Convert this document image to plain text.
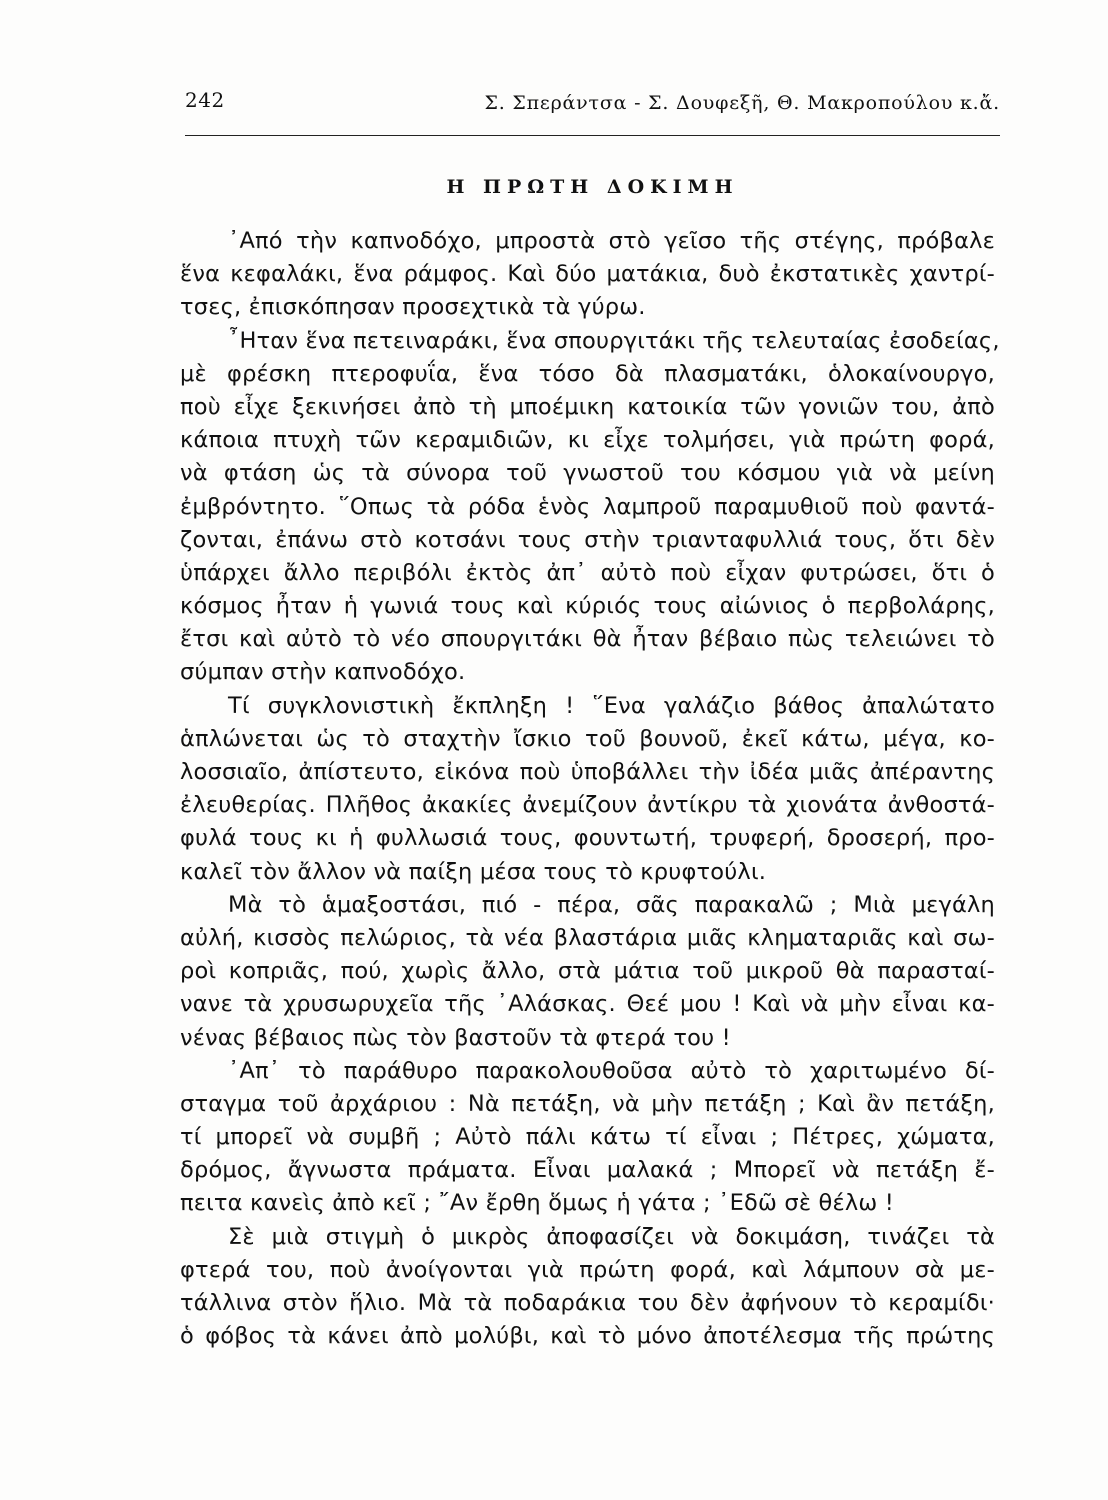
242	Σ. Σπεράντσα - Σ. Δουφεξῆ, Θ. Μακροπούλου κ.ἄ.
Η ΠΡΩΤΗ ΔΟΚΙΜΗ
᾽Από τὴν καπνοδόχο, μπροστὰ στὸ γεῖσο τῆς στέγης, πρόβαλε
ἕνα κεφαλάκι, ἕνα ράμφος. Καὶ δύο ματάκια, δυὸ ἐκστατικὲς χαντρί-
τσες, ἐπισκόπησαν προσεχτικὰ τὰ γύρω.
῏Ηταν ἕνα πετειναράκι, ἕνα σπουργιτάκι τῆς τελευταίας ἐσοδείας,
μὲ φρέσκη πτεροφυΐα, ἕνα τόσο δὰ πλασματάκι, ὁλοκαίνουργο,
ποὺ εἶχε ξεκινήσει ἀπὸ τὴ μποέμικη κατοικία τῶν γονιῶν του, ἀπὸ
κάποια πτυχὴ τῶν κεραμιδιῶν, κι εἶχε τολμήσει, γιὰ πρώτη φορά,
νὰ φτάση ὡς τὰ σύνορα τοῦ γνωστοῦ του κόσμου γιὰ νὰ μείνη
ἐμβρόντητο. ῞Οπως τὰ ρόδα ἑνὸς λαμπροῦ παραμυθιοῦ ποὺ φαντά-
ζονται, ἐπάνω στὸ κοτσάνι τους στὴν τριανταφυλλιά τους, ὅτι δὲν
ὑπάρχει ἄλλο περιβόλι ἐκτὸς ἀπ᾽ αὐτὸ ποὺ εἶχαν φυτρώσει, ὅτι ὁ
κόσμος ἦταν ἡ γωνιά τους καὶ κύριός τους αἰώνιος ὁ περβολάρης,
ἔτσι καὶ αὐτὸ τὸ νέο σπουργιτάκι θὰ ἦταν βέβαιο πὼς τελειώνει τὸ
σύμπαν στὴν καπνοδόχο.
Τί συγκλονιστικὴ ἔκπληξη ! ῞Ενα γαλάζιο βάθος ἀπαλώτατο
ἁπλώνεται ὡς τὸ σταχτὴν ἴσκιο τοῦ βουνοῦ, ἐκεῖ κάτω, μέγα, κο-
λοσσιαῖο, ἀπίστευτο, εἰκόνα ποὺ ὑποβάλλει τὴν ἰδέα μιᾶς ἀπέραντης
ἐλευθερίας. Πλῆθος ἀκακίες ἀνεμίζουν ἀντίκρυ τὰ χιονάτα ἀνθοστά-
φυλά τους κι ἡ φυλλωσιά τους, φουντωτή, τρυφερή, δροσερή, προ-
καλεῖ τὸν ἄλλον νὰ παίξη μέσα τους τὸ κρυφτούλι.
Μὰ τὸ ἁμαξοστάσι, πιό - πέρα, σᾶς παρακαλῶ ; Μιὰ μεγάλη
αὐλή, κισσὸς πελώριος, τὰ νέα βλαστάρια μιᾶς κληματαριᾶς καὶ σω-
ροὶ κοπριᾶς, πού, χωρὶς ἄλλο, στὰ μάτια τοῦ μικροῦ θὰ παρασταί-
νανε τὰ χρυσωρυχεῖα τῆς ᾽Αλάσκας. Θεέ μου ! Καὶ νὰ μὴν εἶναι κα-
νένας βέβαιος πὼς τὸν βαστοῦν τὰ φτερά του !
᾽Απ᾽ τὸ παράθυρο παρακολουθοῦσα αὐτὸ τὸ χαριτωμένο δί-
σταγμα τοῦ ἀρχάριου : Νὰ πετάξη, νὰ μὴν πετάξη ; Καὶ ἂν πετάξη,
τί μπορεῖ νὰ συμβῆ ; Αὐτὸ πάλι κάτω τί εἶναι ; Πέτρες, χώματα,
δρόμος, ἄγνωστα πράματα. Εἶναι μαλακά ; Μπορεῖ νὰ πετάξη ἔ-
πειτα κανεὶς ἀπὸ κεῖ ; ῎Αν ἔρθη ὅμως ἡ γάτα ; ᾽Εδῶ σὲ θέλω !
Σὲ μιὰ στιγμὴ ὁ μικρὸς ἀποφασίζει νὰ δοκιμάση, τινάζει τὰ
φτερά του, ποὺ ἀνοίγονται γιὰ πρώτη φορά, καὶ λάμπουν σὰ με-
τάλλινα στὸν ἥλιο. Μὰ τὰ ποδαράκια του δὲν ἀφήνουν τὸ κεραμίδι·
ὁ φόβος τὰ κάνει ἀπὸ μολύβι, καὶ τὸ μόνο ἀποτέλεσμα τῆς πρώτης
